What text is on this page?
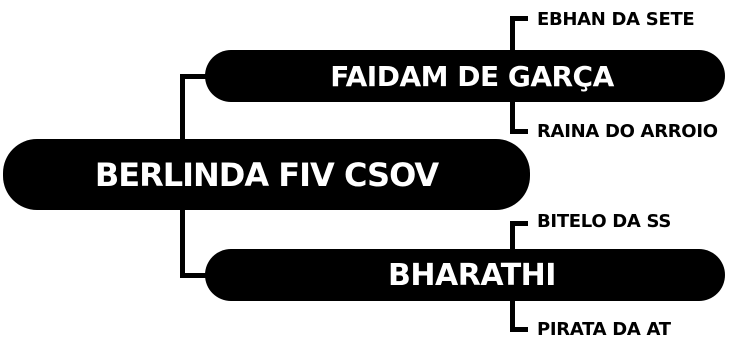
FAIDAM DE GARÇA
BERLINDA FIV CSOV
BHARATHI
EBHAN DA SETE
RAINA DO ARROIO
BITELO DA SS
PIRATA DA AT
